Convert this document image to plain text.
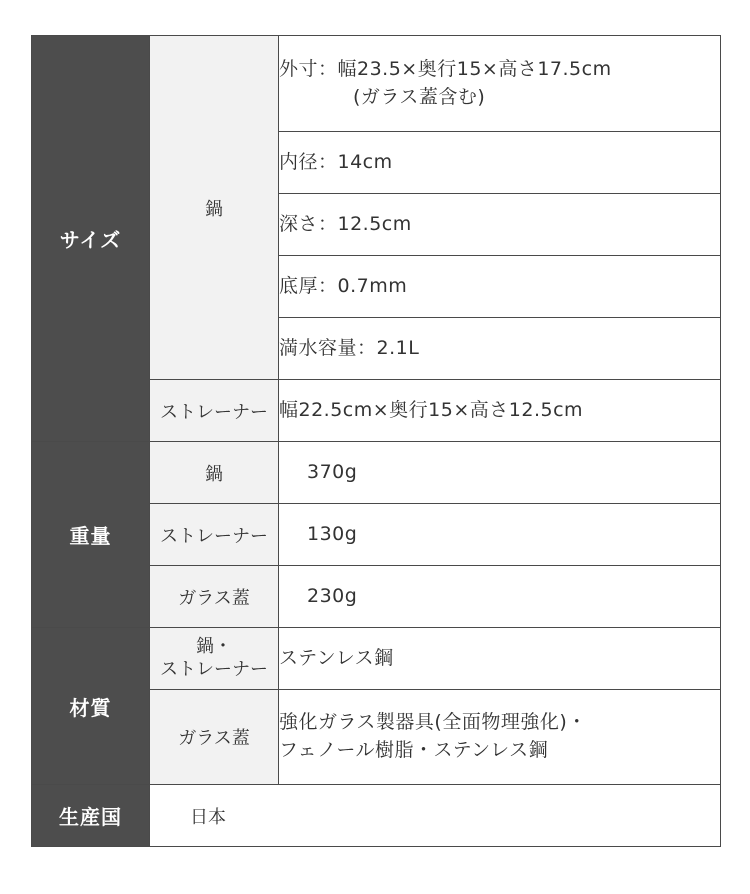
サイズ	鍋	外寸：幅23.5×奥行15×高さ17.5cm
(ガラス蓋含む)

		内径：14cm
		深さ：12.5cm
		底厚：0.7mm
		満水容量：2.1L
	ストレーナー	幅22.5cm×奥行15×高さ12.5cm
重量	鍋	370g
	ストレーナー	130g
	ガラス蓋	230g
材質	鍋・
ストレーナー	ステンレス鋼
	ガラス蓋	強化ガラス製器具(全面物理強化)・
フェノール樹脂・ステンレス鋼

生産国	日本	
